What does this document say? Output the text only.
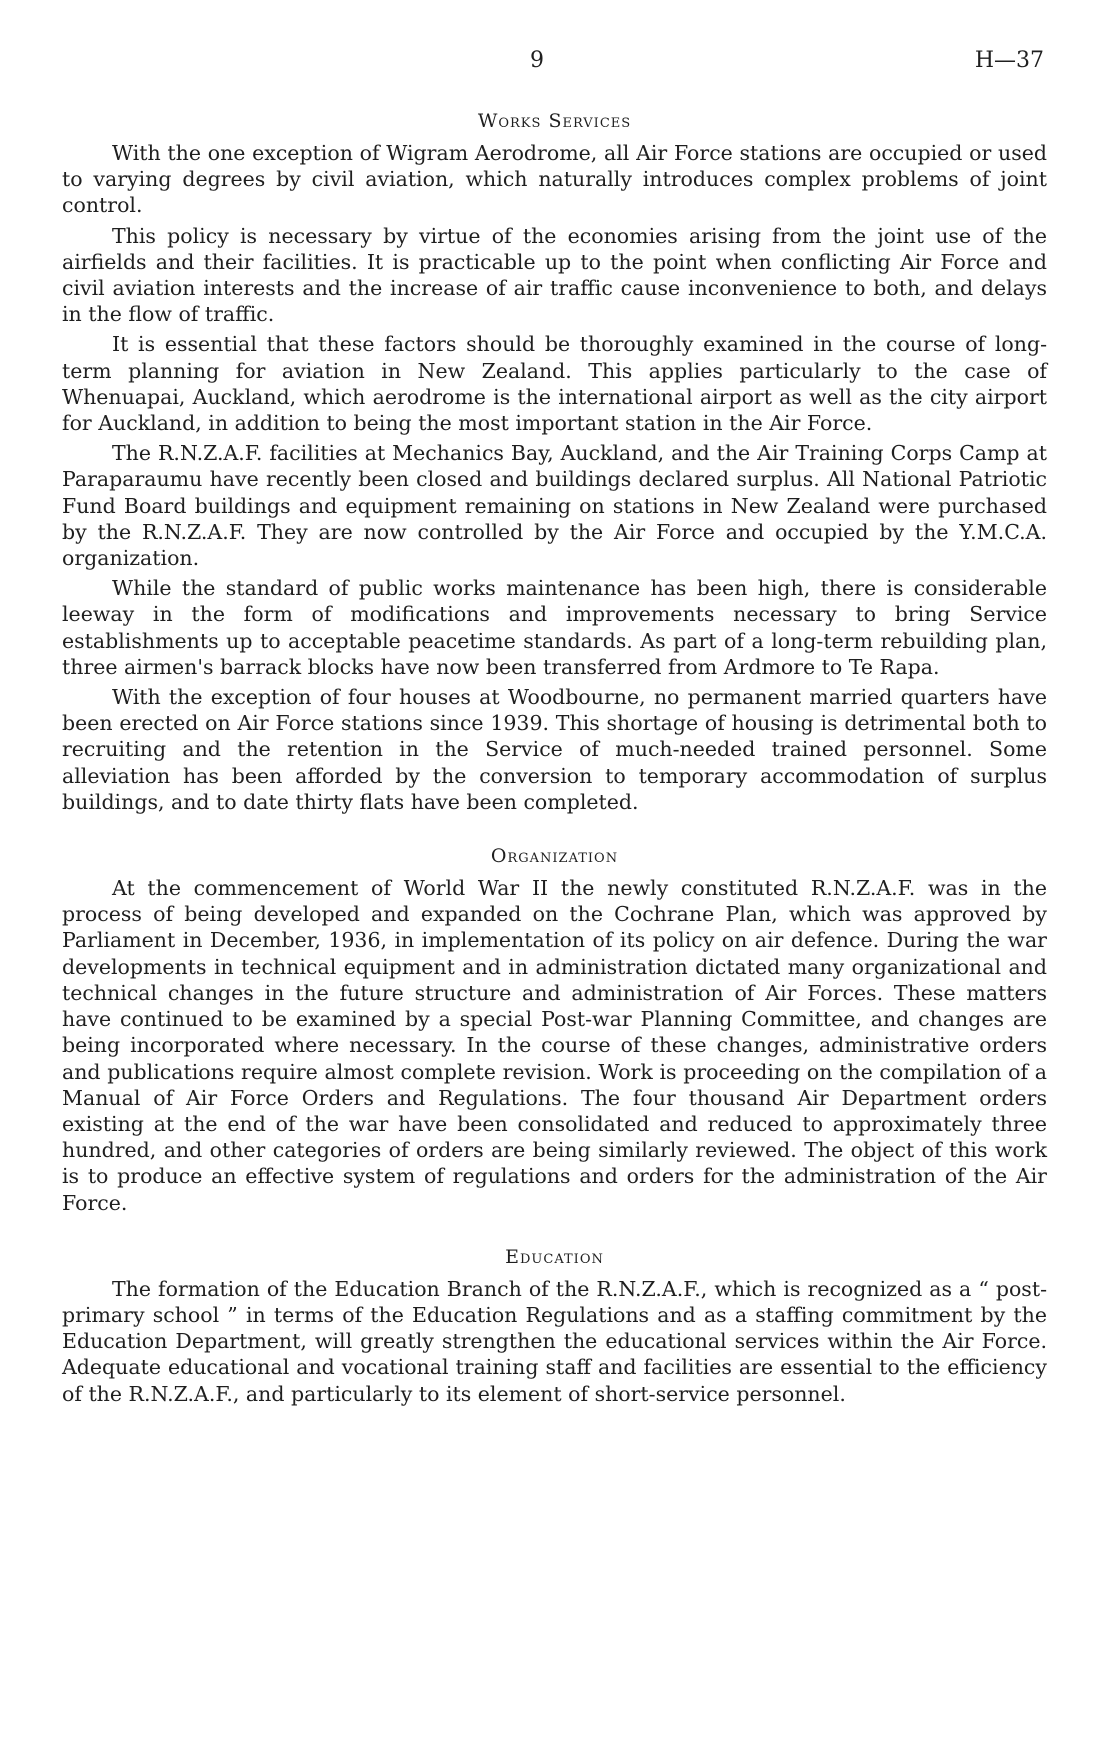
9	H—37
Works Services

With the one exception of Wigram Aerodrome, all Air Force stations are occupied or used to varying degrees by civil aviation, which naturally introduces complex problems of joint control.

This policy is necessary by virtue of the economies arising from the joint use of the airfields and their facilities. It is practicable up to the point when conflicting Air Force and civil aviation interests and the increase of air traffic cause inconvenience to both, and delays in the flow of traffic.

It is essential that these factors should be thoroughly examined in the course of long-term planning for aviation in New Zealand. This applies particularly to the case of Whenuapai, Auckland, which aerodrome is the international airport as well as the city airport for Auckland, in addition to being the most important station in the Air Force.

The R.N.Z.A.F. facilities at Mechanics Bay, Auckland, and the Air Training Corps Camp at Paraparaumu have recently been closed and buildings declared surplus. All National Patriotic Fund Board buildings and equipment remaining on stations in New Zealand were purchased by the R.N.Z.A.F. They are now controlled by the Air Force and occupied by the Y.M.C.A. organization.

While the standard of public works maintenance has been high, there is considerable leeway in the form of modifications and improvements necessary to bring Service establishments up to acceptable peacetime standards. As part of a long-term rebuilding plan, three airmen's barrack blocks have now been transferred from Ardmore to Te Rapa.

With the exception of four houses at Woodbourne, no permanent married quarters have been erected on Air Force stations since 1939. This shortage of housing is detrimental both to recruiting and the retention in the Service of much-needed trained personnel. Some alleviation has been afforded by the conversion to temporary accommodation of surplus buildings, and to date thirty flats have been completed.

Organization

At the commencement of World War II the newly constituted R.N.Z.A.F. was in the process of being developed and expanded on the Cochrane Plan, which was approved by Parliament in December, 1936, in implementation of its policy on air defence. During the war developments in technical equipment and in administration dictated many organizational and technical changes in the future structure and administration of Air Forces. These matters have continued to be examined by a special Post-war Planning Committee, and changes are being incorporated where necessary. In the course of these changes, administrative orders and publications require almost complete revision. Work is proceeding on the compilation of a Manual of Air Force Orders and Regulations. The four thousand Air Department orders existing at the end of the war have been consolidated and reduced to approximately three hundred, and other categories of orders are being similarly reviewed. The object of this work is to produce an effective system of regulations and orders for the administration of the Air Force.

Education

The formation of the Education Branch of the R.N.Z.A.F., which is recognized as a “ post-primary school ” in terms of the Education Regulations and as a staffing commitment by the Education Department, will greatly strengthen the educational services within the Air Force. Adequate educational and vocational training staff and facilities are essential to the efficiency of the R.N.Z.A.F., and particularly to its element of short-service personnel.
